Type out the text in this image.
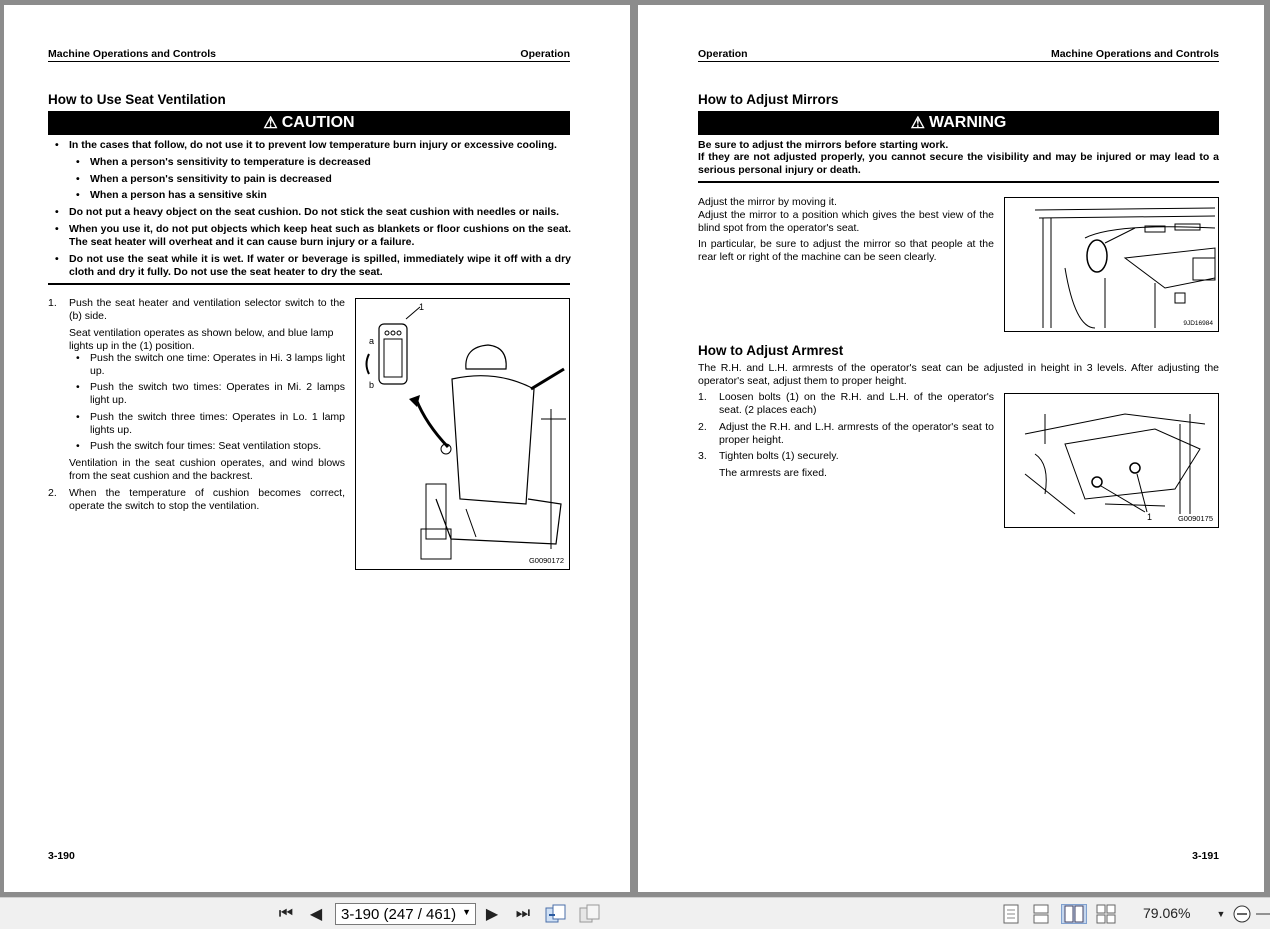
Machine Operations and Controls	Operation
How to Use Seat Ventilation
⚠ CAUTION
• In the cases that follow, do not use it to prevent low temperature burn injury or excessive cooling.
• When a person's sensitivity to temperature is decreased
• When a person's sensitivity to pain is decreased
• When a person has a sensitive skin
• Do not put a heavy object on the seat cushion. Do not stick the seat cushion with needles or nails.
• When you use it, do not put objects which keep heat such as blankets or floor cushions on the seat. The seat heater will overheat and it can cause burn injury or a failure.
• Do not use the seat while it is wet. If water or beverage is spilled, immediately wipe it off with a dry cloth and dry it fully. Do not use the seat heater to dry the seat.
1. Push the seat heater and ventilation selector switch to the (b) side.
Seat ventilation operates as shown below, and blue lamp lights up in the (1) position.
• Push the switch one time: Operates in Hi. 3 lamps light up.
• Push the switch two times: Operates in Mi. 2 lamps light up.
• Push the switch three times: Operates in Lo. 1 lamp lights up.
• Push the switch four times: Seat ventilation stops.
Ventilation in the seat cushion operates, and wind blows from the seat cushion and the backrest.
2. When the temperature of cushion becomes correct, operate the switch to stop the ventilation.
1
a
b
G0090172
3-190
Operation	Machine Operations and Controls
How to Adjust Mirrors
⚠ WARNING
Be sure to adjust the mirrors before starting work.
If they are not adjusted properly, you cannot secure the visibility and may be injured or may lead to a serious personal injury or death.
Adjust the mirror by moving it.
Adjust the mirror to a position which gives the best view of the blind spot from the operator's seat.
In particular, be sure to adjust the mirror so that people at the rear left or right of the machine can be seen clearly.
9JD16984
How to Adjust Armrest
The R.H. and L.H. armrests of the operator's seat can be adjusted in height in 3 levels. After adjusting the operator's seat, adjust them to proper height.
1. Loosen bolts (1) on the R.H. and L.H. of the operator's seat. (2 places each)
2. Adjust the R.H. and L.H. armrests of the operator's seat to proper height.
3. Tighten bolts (1) securely.
The armrests are fixed.
1	G0090175
3-191
⏮ ◀ 3-190 (247 / 461) ▼ ▶ ⏭	79.06%	▼
